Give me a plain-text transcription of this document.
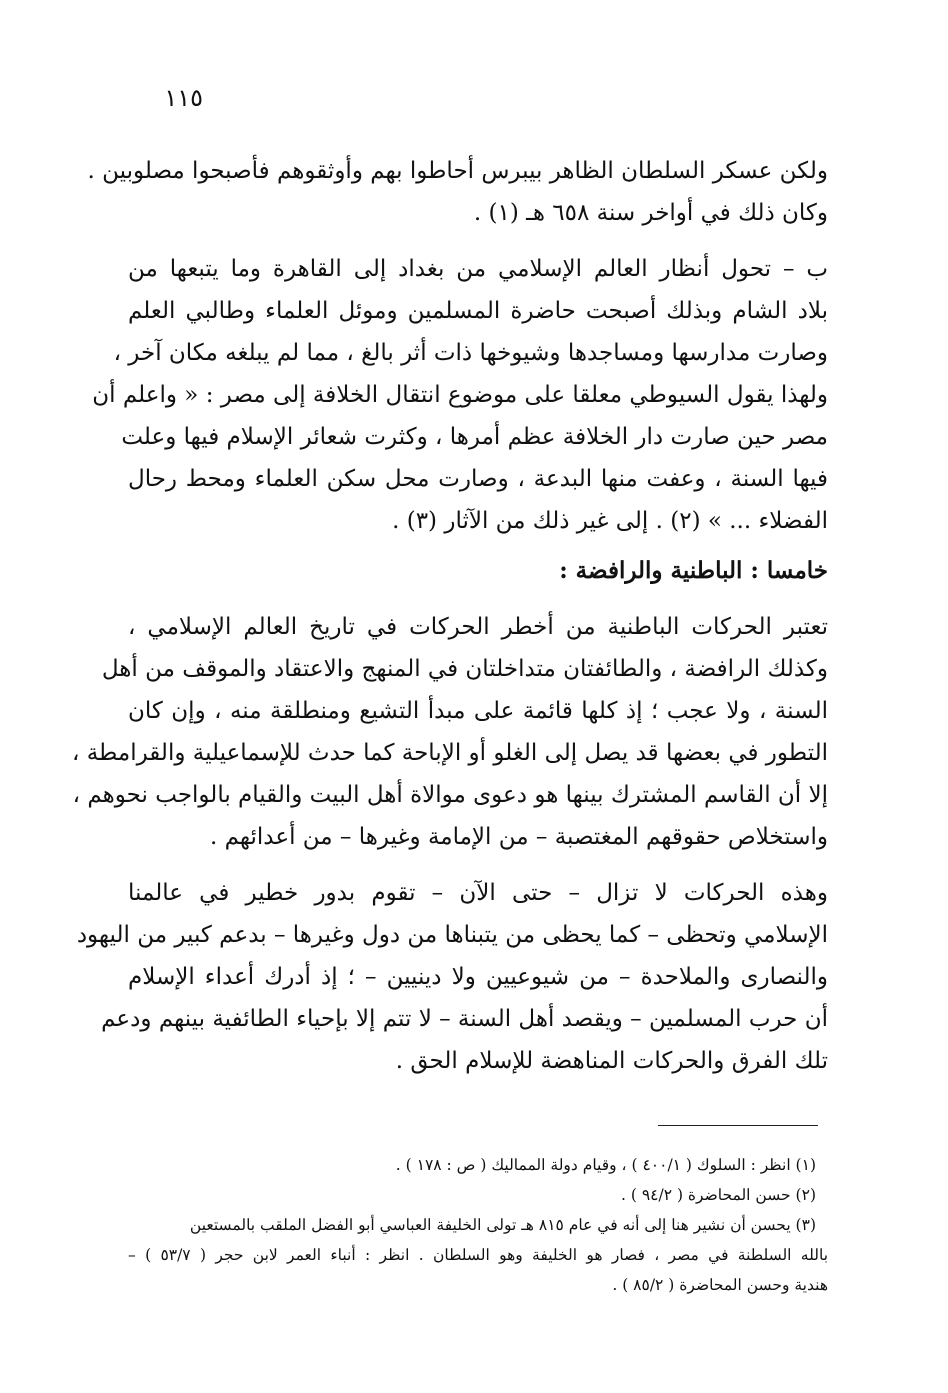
١١٥
ولكن عسكر السلطان الظاهر بيبرس أحاطوا بهم وأوثقوهم فأصبحوا مصلوبين .
وكان ذلك في أواخر سنة ٦٥٨ هـ (١) .
ب – تحول أنظار العالم الإسلامي من بغداد إلى القاهرة وما يتبعها من
بلاد الشام وبذلك أصبحت حاضرة المسلمين وموئل العلماء وطالبي العلم
وصارت مدارسها ومساجدها وشيوخها ذات أثر بالغ ، مما لم يبلغه مكان آخر ،
ولهذا يقول السيوطي معلقا على موضوع انتقال الخلافة إلى مصر : « واعلم أن
مصر حين صارت دار الخلافة عظم أمرها ، وكثرت شعائر الإسلام فيها وعلت
فيها السنة ، وعفت منها البدعة ، وصارت محل سكن العلماء ومحط رحال
الفضلاء ... » (٢) . إلى غير ذلك من الآثار (٣) .
خامسا : الباطنية والرافضة :
تعتبر الحركات الباطنية من أخطر الحركات في تاريخ العالم الإسلامي ،
وكذلك الرافضة ، والطائفتان متداخلتان في المنهج والاعتقاد والموقف من أهل
السنة ، ولا عجب ؛ إذ كلها قائمة على مبدأ التشيع ومنطلقة منه ، وإن كان
التطور في بعضها قد يصل إلى الغلو أو الإباحة كما حدث للإسماعيلية والقرامطة ،
إلا أن القاسم المشترك بينها هو دعوى موالاة أهل البيت والقيام بالواجب نحوهم ،
واستخلاص حقوقهم المغتصبة – من الإمامة وغيرها – من أعدائهم .
وهذه الحركات لا تزال – حتى الآن – تقوم بدور خطير في عالمنا
الإسلامي وتحظى – كما يحظى من يتبناها من دول وغيرها – بدعم كبير من اليهود
والنصارى والملاحدة – من شيوعيين ولا دينيين – ؛ إذ أدرك أعداء الإسلام
أن حرب المسلمين – ويقصد أهل السنة – لا تتم إلا بإحياء الطائفية بينهم ودعم
تلك الفرق والحركات المناهضة للإسلام الحق .
(١) انظر : السلوك ( ٤٠٠/١ ) ، وقيام دولة المماليك ( ص : ١٧٨ ) .
(٢) حسن المحاضرة ( ٩٤/٢ ) .
(٣) يحسن أن نشير هنا إلى أنه في عام ٨١٥ هـ تولى الخليفة العباسي أبو الفضل الملقب بالمستعين
بالله السلطنة في مصر ، فصار هو الخليفة وهو السلطان . انظر : أنباء العمر لابن حجر ( ٥٣/٧ ) –
هندية وحسن المحاضرة ( ٨٥/٢ ) .
